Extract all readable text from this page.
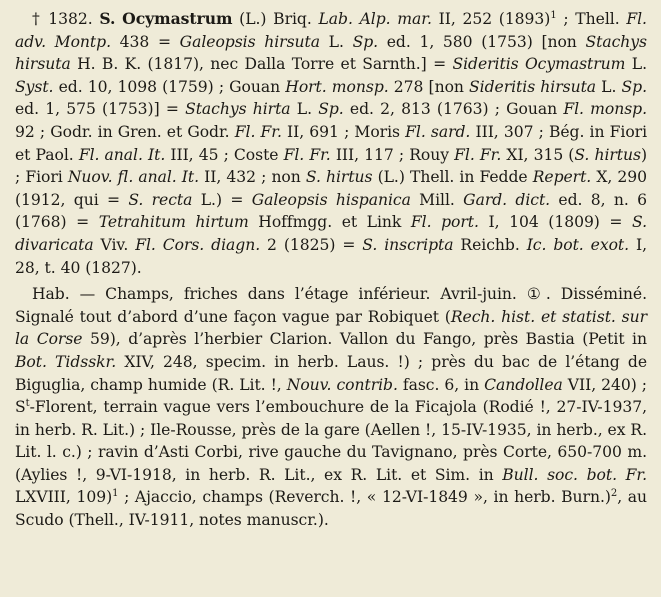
† 1382. S. Ocymastrum (L.) Briq. Lab. Alp. mar. II, 252 $(1893)^1$ ; Thell. Fl. adv. Montp. 438 = Galeopsis hirsuta L. Sp. ed. 1, 580 (1753) [non Stachys hirsuta H. B. K. (1817), nec Dalla Torre et Sarnth.] = Sideritis Ocymastrum L. Syst. ed. 10, 1098 (1759) ; Gouan Hort. monsp. 278 [non Sideritis hirsuta L. Sp. ed. 1, 575 (1753)] = Stachys hirta L. Sp. ed. 2, 813 (1763) ; Gouan Fl. monsp. 92 ; Godr. in Gren. et Godr. Fl. Fr. II, 691 ; Moris Fl. sard. III, 307 ; Bég. in Fiori et Paol. Fl. anal. It. III, 45 ; Coste Fl. Fr. III, 117 ; Rouy Fl. Fr. XI, 315 (S. hirtus) ; Fiori Nuov. fl. anal. It. II, 432 ; non S. hirtus (L.) Thell. in Fedde Repert. X, 290 (1912, qui = S. recta L.) = Galeopsis hispanica Mill. Gard. dict. ed. 8, n. 6 (1768) = Tetrahitum hirtum Hoffmgg. et Link Fl. port. I, 104 (1809) = S. divaricata Viv. Fl. Cors. diagn. 2 (1825) = S. inscripta Reichb. Ic. bot. exot. I, 28, t. 40 (1827).

Hab. — Champs, friches dans l’étage inférieur. Avril-juin. ①. Disséminé. Signalé tout d’abord d’une façon vague par Robiquet (Rech. hist. et statist. sur la Corse 59), d’après l’herbier Clarion. Vallon du Fango, près Bastia (Petit in Bot. Tidsskr. XIV, 248, specim. in herb. Laus. !) ; près du bac de l’étang de Biguglia, champ humide (R. Lit. !, Nouv. contrib. fasc. 6, in Candollea VII, 240) ; $S^t$-Florent, terrain vague vers l’embouchure de la Ficajola (Rodié !, 27-IV-1937, in herb. R. Lit.) ; Ile-Rousse, près de la gare (Aellen !, 15-IV-1935, in herb., ex R. Lit. l. c.) ; ravin d’Asti Corbi, rive gauche du Tavignano, près Corte, 650-700 m. (Aylies !, 9-VI-1918, in herb. R. Lit., ex R. Lit. et Sim. in Bull. soc. bot. Fr. LXVIII, 109)$^1$ ; Ajaccio, champs (Reverch. !, « 12-VI-1849 », in herb. Burn.)$^2$, au Scudo (Thell., IV-1911, notes manuscr.).
